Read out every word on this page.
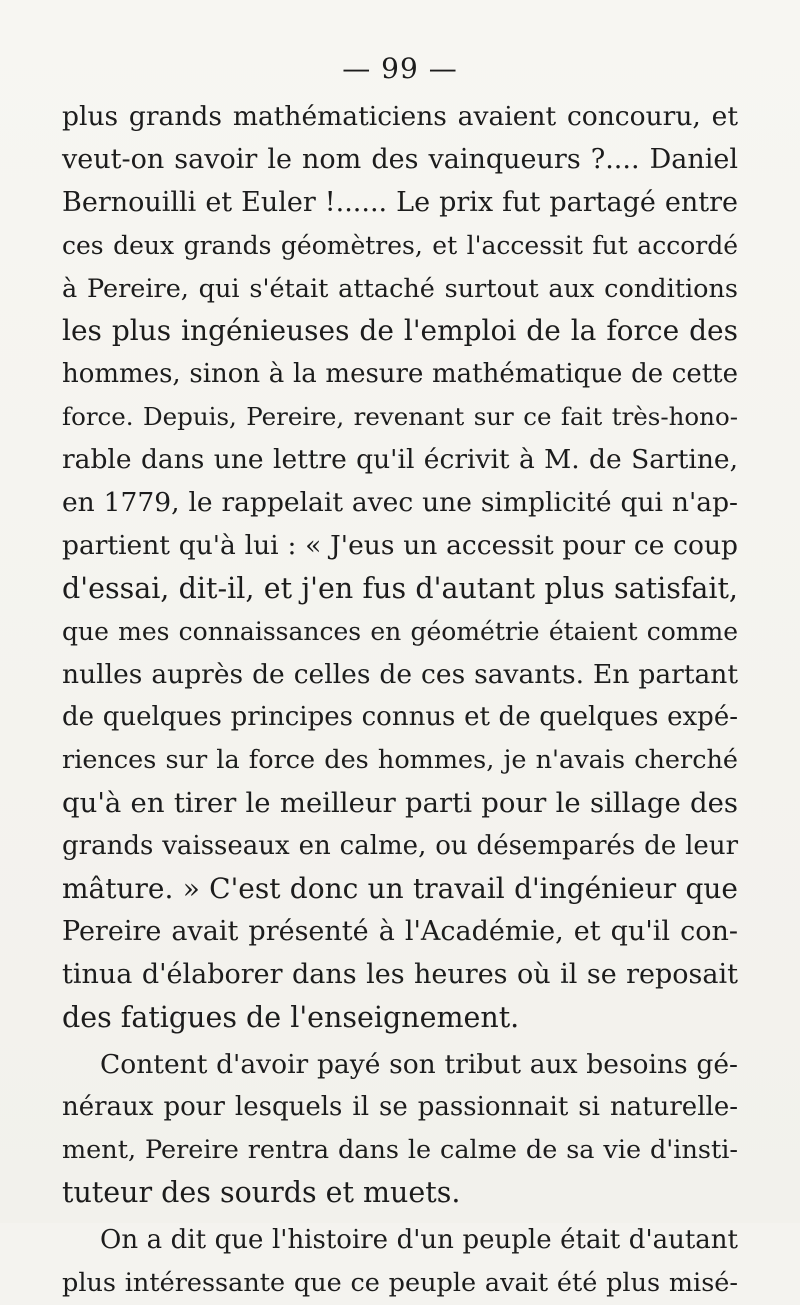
— 99 —
plus grands mathématiciens avaient concouru, et
veut-on savoir le nom des vainqueurs ?.... Daniel
Bernouilli et Euler !...... Le prix fut partagé entre
ces deux grands géomètres, et l'accessit fut accordé
à Pereire, qui s'était attaché surtout aux conditions
les plus ingénieuses de l'emploi de la force des
hommes, sinon à la mesure mathématique de cette
force. Depuis, Pereire, revenant sur ce fait très-hono-
rable dans une lettre qu'il écrivit à M. de Sartine,
en 1779, le rappelait avec une simplicité qui n'ap-
partient qu'à lui : « J'eus un accessit pour ce coup
d'essai, dit-il, et j'en fus d'autant plus satisfait,
que mes connaissances en géométrie étaient comme
nulles auprès de celles de ces savants. En partant
de quelques principes connus et de quelques expé-
riences sur la force des hommes, je n'avais cherché
qu'à en tirer le meilleur parti pour le sillage des
grands vaisseaux en calme, ou désemparés de leur
mâture. » C'est donc un travail d'ingénieur que
Pereire avait présenté à l'Académie, et qu'il con-
tinua d'élaborer dans les heures où il se reposait
des fatigues de l'enseignement.
Content d'avoir payé son tribut aux besoins gé-
néraux pour lesquels il se passionnait si naturelle-
ment, Pereire rentra dans le calme de sa vie d'insti-
tuteur des sourds et muets.
On a dit que l'histoire d'un peuple était d'autant
plus intéressante que ce peuple avait été plus misé-
